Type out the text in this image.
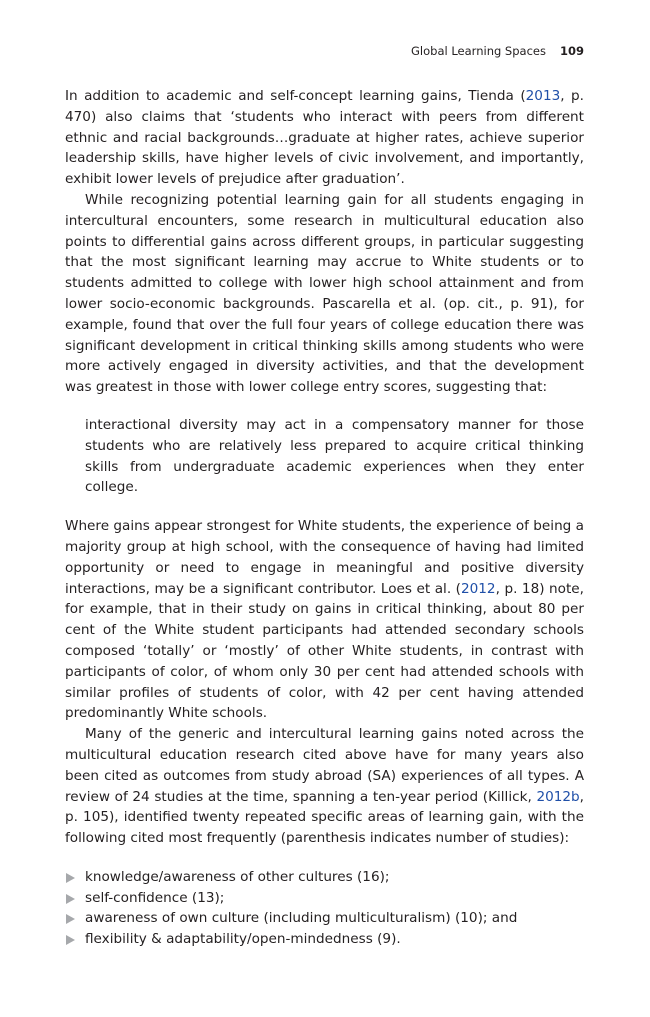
Global Learning Spaces 109

In addition to academic and self-concept learning gains, Tienda (2013, p. 470) also claims that ‘students who interact with peers from different ethnic and racial backgrounds…graduate at higher rates, achieve superior leadership skills, have higher levels of civic involvement, and importantly, exhibit lower levels of prejudice after graduation’.

While recognizing potential learning gain for all students engaging in intercultural encounters, some research in multicultural education also points to differential gains across different groups, in particular suggesting that the most significant learning may accrue to White students or to students admitted to college with lower high school attainment and from lower socio-economic backgrounds. Pascarella et al. (op. cit., p. 91), for example, found that over the full four years of college education there was significant development in critical thinking skills among students who were more actively engaged in diversity activities, and that the development was greatest in those with lower college entry scores, suggesting that:

interactional diversity may act in a compensatory manner for those students who are relatively less prepared to acquire critical thinking skills from undergraduate academic experiences when they enter college.

Where gains appear strongest for White students, the experience of being a majority group at high school, with the consequence of having had limited opportunity or need to engage in meaningful and positive diversity interactions, may be a significant contributor. Loes et al. (2012, p. 18) note, for example, that in their study on gains in critical thinking, about 80 per cent of the White student participants had attended secondary schools composed ‘totally’ or ‘mostly’ of other White students, in contrast with participants of color, of whom only 30 per cent had attended schools with similar profiles of students of color, with 42 per cent having attended predominantly White schools.

Many of the generic and intercultural learning gains noted across the multicultural education research cited above have for many years also been cited as outcomes from study abroad (SA) experiences of all types. A review of 24 studies at the time, spanning a ten-year period (Killick, 2012b, p. 105), identified twenty repeated specific areas of learning gain, with the following cited most frequently (parenthesis indicates number of studies):

knowledge/awareness of other cultures (16);
self-confidence (13);
awareness of own culture (including multiculturalism) (10); and
flexibility & adaptability/open-mindedness (9).
